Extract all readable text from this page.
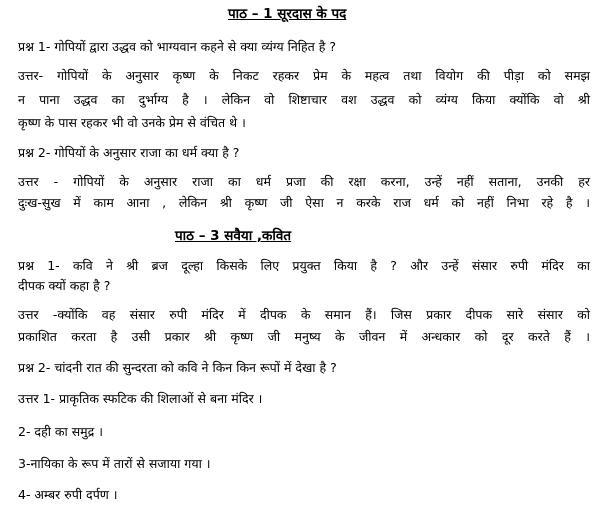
पाठ – 1 सूरदास के पद
प्रश्न 1- गोपियों द्वारा उद्धव को भाग्यवान कहने से क्या व्यंग्य निहित है ?
उत्तर- गोपियों के अनुसार कृष्ण के निकट रहकर प्रेम के महत्व तथा वियोग की पीड़ा को समझ
न पाना उद्धव का दुर्भाग्य है । लेकिन वो शिष्टाचार वश उद्धव को व्यंग्य किया क्योंकि वो श्री
कृष्ण के पास रहकर भी वो उनके प्रेम से वंचित थे ।
प्रश्न 2- गोपियों के अनुसार राजा का धर्म क्या है ?
उत्तर - गोपियों के अनुसार राजा का धर्म प्रजा की रक्षा करना, उन्हें नहीं सताना, उनकी हर
दुःख-सुख में काम आना , लेकिन श्री कृष्ण जी ऐसा न करके राज धर्म को नहीं निभा रहे है ।
पाठ – 3 सवैया ,कवित
प्रश्न 1- कवि ने श्री ब्रज दूल्हा किसके लिए प्रयुक्त किया है ? और उन्हें संसार रुपी मंदिर का
दीपक क्यों कहा है ?
उत्तर -क्योंकि वह संसार रुपी मंदिर में दीपक के समान हैं। जिस प्रकार दीपक सारे संसार को
प्रकाशित करता है उसी प्रकार श्री कृष्ण जी मनुष्य के जीवन में अन्धकार को दूर करते हैं ।
प्रश्न 2- चांदनी रात की सुन्दरता को कवि ने किन किन रूपों में देखा है ?
उत्तर 1- प्राकृतिक स्फटिक की शिलाओं से बना मंदिर ।
2- दही का समुद्र ।
3-नायिका के रूप में तारों से सजाया गया ।
4- अम्बर रुपी दर्पण ।
